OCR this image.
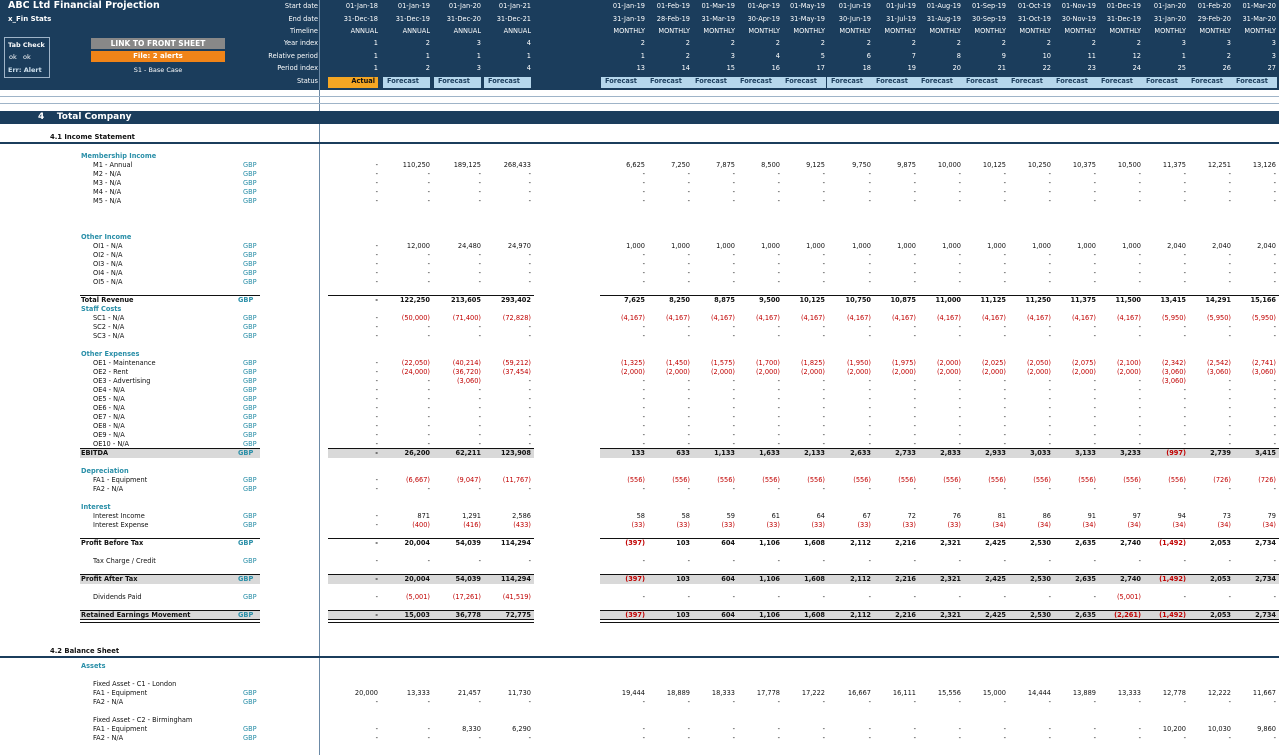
ABC Ltd Financial Projection
x_Fin Stats
Tab Check
ok ok
Err: Alert
LINK TO FRONT SHEET
File: 2 alerts
S1 - Base Case
Start date	01-Jan-18	01-Jan-19	01-Jan-20	01-Jan-21	01-Jan-19	01-Feb-19	01-Mar-19	01-Apr-19	01-May-19	01-Jun-19	01-Jul-19	01-Aug-19	01-Sep-19	01-Oct-19	01-Nov-19	01-Dec-19	01-Jan-20	01-Feb-20	01-Mar-20
End date	31-Dec-18	31-Dec-19	31-Dec-20	31-Dec-21	31-Jan-19	28-Feb-19	31-Mar-19	30-Apr-19	31-May-19	30-Jun-19	31-Jul-19	31-Aug-19	30-Sep-19	31-Oct-19	30-Nov-19	31-Dec-19	31-Jan-20	29-Feb-20	31-Mar-20
Timeline	ANNUAL	ANNUAL	ANNUAL	ANNUAL	MONTHLY	MONTHLY	MONTHLY	MONTHLY	MONTHLY	MONTHLY	MONTHLY	MONTHLY	MONTHLY	MONTHLY	MONTHLY	MONTHLY	MONTHLY	MONTHLY	MONTHLY
Year index	1	2	3	4	2	2	2	2	2	2	2	2	2	2	2	2	3	3	3
Relative period	1	1	1	1	1	2	3	4	5	6	7	8	9	10	11	12	1	2	3
Period index	1	2	3	4	13	14	15	16	17	18	19	20	21	22	23	24	25	26	27
Status	Actual	Forecast	Forecast	Forecast	Forecast	Forecast	Forecast	Forecast	Forecast	Forecast	Forecast	Forecast	Forecast	Forecast	Forecast	Forecast	Forecast	Forecast	Forecast
4 Total Company
4.1 Income Statement
Membership Income
M1 - Annual	GBP	-	110,250	189,125	268,433	6,625	7,250	7,875	8,500	9,125	9,750	9,875	10,000	10,125	10,250	10,375	10,500	11,375	12,251	13,126
M2 - N/A	GBP	-	-	-	-	-	-	-	-	-	-	-	-	-	-	-	-	-	-	-
M3 - N/A	GBP	-	-	-	-	-	-	-	-	-	-	-	-	-	-	-	-	-	-	-
M4 - N/A	GBP	-	-	-	-	-	-	-	-	-	-	-	-	-	-	-	-	-	-	-
M5 - N/A	GBP	-	-	-	-	-	-	-	-	-	-	-	-	-	-	-	-	-	-	-
Other Income
OI1 - N/A	GBP	-	12,000	24,480	24,970	1,000	1,000	1,000	1,000	1,000	1,000	1,000	1,000	1,000	1,000	1,000	1,000	2,040	2,040	2,040
OI2 - N/A	GBP	-	-	-	-	-	-	-	-	-	-	-	-	-	-	-	-	-	-	-
OI3 - N/A	GBP	-	-	-	-	-	-	-	-	-	-	-	-	-	-	-	-	-	-	-
OI4 - N/A	GBP	-	-	-	-	-	-	-	-	-	-	-	-	-	-	-	-	-	-	-
OI5 - N/A	GBP	-	-	-	-	-	-	-	-	-	-	-	-	-	-	-	-	-	-	-
Total Revenue	GBP	-	122,250	213,605	293,402	7,625	8,250	8,875	9,500	10,125	10,750	10,875	11,000	11,125	11,250	11,375	11,500	13,415	14,291	15,166
Staff Costs
SC1 - N/A	GBP	-	(50,000)	(71,400)	(72,828)	(4,167)	(4,167)	(4,167)	(4,167)	(4,167)	(4,167)	(4,167)	(4,167)	(4,167)	(4,167)	(4,167)	(4,167)	(5,950)	(5,950)	(5,950)
SC2 - N/A	GBP	-	-	-	-	-	-	-	-	-	-	-	-	-	-	-	-	-	-	-
SC3 - N/A	GBP	-	-	-	-	-	-	-	-	-	-	-	-	-	-	-	-	-	-	-
Other Expenses
OE1 - Maintenance	GBP	-	(22,050)	(40,214)	(59,212)	(1,325)	(1,450)	(1,575)	(1,700)	(1,825)	(1,950)	(1,975)	(2,000)	(2,025)	(2,050)	(2,075)	(2,100)	(2,342)	(2,542)	(2,741)
OE2 - Rent	GBP	-	(24,000)	(36,720)	(37,454)	(2,000)	(2,000)	(2,000)	(2,000)	(2,000)	(2,000)	(2,000)	(2,000)	(2,000)	(2,000)	(2,000)	(2,000)	(3,060)	(3,060)	(3,060)
OE3 - Advertising	GBP	-	-	(3,060)	-	-	-	-	-	-	-	-	-	-	-	-	-	(3,060)	-	-
OE4 - N/A	GBP	-	-	-	-	-	-	-	-	-	-	-	-	-	-	-	-	-	-	-
OE5 - N/A	GBP	-	-	-	-	-	-	-	-	-	-	-	-	-	-	-	-	-	-	-
OE6 - N/A	GBP	-	-	-	-	-	-	-	-	-	-	-	-	-	-	-	-	-	-	-
OE7 - N/A	GBP	-	-	-	-	-	-	-	-	-	-	-	-	-	-	-	-	-	-	-
OE8 - N/A	GBP	-	-	-	-	-	-	-	-	-	-	-	-	-	-	-	-	-	-	-
OE9 - N/A	GBP	-	-	-	-	-	-	-	-	-	-	-	-	-	-	-	-	-	-	-
OE10 - N/A	GBP	-	-	-	-	-	-	-	-	-	-	-	-	-	-	-	-	-	-	-
EBITDA	GBP	-	26,200	62,211	123,908	133	633	1,133	1,633	2,133	2,633	2,733	2,833	2,933	3,033	3,133	3,233	(997)	2,739	3,415
Depreciation
FA1 - Equipment	GBP	-	(6,667)	(9,047)	(11,767)	(556)	(556)	(556)	(556)	(556)	(556)	(556)	(556)	(556)	(556)	(556)	(556)	(556)	(726)	(726)
FA2 - N/A	GBP	-	-	-	-	-	-	-	-	-	-	-	-	-	-	-	-	-	-	-
Interest
Interest Income	GBP	-	871	1,291	2,586	58	58	59	61	64	67	72	76	81	86	91	97	94	73	79
Interest Expense	GBP	-	(400)	(416)	(433)	(33)	(33)	(33)	(33)	(33)	(33)	(33)	(33)	(34)	(34)	(34)	(34)	(34)	(34)	(34)
Profit Before Tax	GBP	-	20,004	54,039	114,294	(397)	103	604	1,106	1,608	2,112	2,216	2,321	2,425	2,530	2,635	2,740	(1,492)	2,053	2,734
Tax Charge / Credit	GBP	-	-	-	-	-	-	-	-	-	-	-	-	-	-	-	-	-	-	-
Profit After Tax	GBP	-	20,004	54,039	114,294	(397)	103	604	1,106	1,608	2,112	2,216	2,321	2,425	2,530	2,635	2,740	(1,492)	2,053	2,734
Dividends Paid	GBP	-	(5,001)	(17,261)	(41,519)	-	-	-	-	-	-	-	-	-	-	-	(5,001)	-	-	-
Retained Earnings Movement	GBP	-	15,003	36,778	72,775	(397)	103	604	1,106	1,608	2,112	2,216	2,321	2,425	2,530	2,635	(2,261)	(1,492)	2,053	2,734
Assets
Fixed Asset - C1 - London
FA1 - Equipment	GBP	20,000	13,333	21,457	11,730	19,444	18,889	18,333	17,778	17,222	16,667	16,111	15,556	15,000	14,444	13,889	13,333	12,778	12,222	11,667
FA2 - N/A	GBP	-	-	-	-	-	-	-	-	-	-	-	-	-	-	-	-	-	-	-
Fixed Asset - C2 - Birmingham
FA1 - Equipment	GBP	-	-	8,330	6,290	-	-	-	-	-	-	-	-	-	-	-	-	10,200	10,030	9,860
FA2 - N/A	GBP	-	-	-	-	-	-	-	-	-	-	-	-	-	-	-	-	-	-	-
4.2 Balance Sheet
